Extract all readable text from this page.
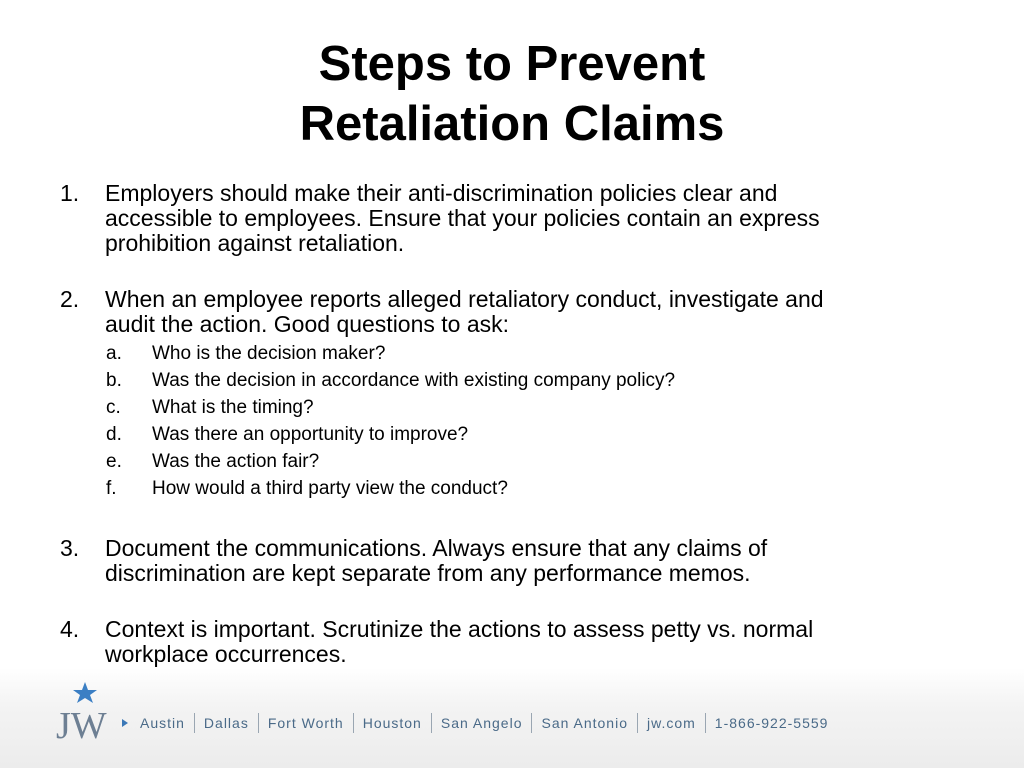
Steps to Prevent
Retaliation Claims
1. Employers should make their anti-discrimination policies clear and
accessible to employees. Ensure that your policies contain an express
prohibition against retaliation.
2. When an employee reports alleged retaliatory conduct, investigate and
audit the action. Good questions to ask:
a. Who is the decision maker?
b. Was the decision in accordance with existing company policy?
c. What is the timing?
d. Was there an opportunity to improve?
e. Was the action fair?
f. How would a third party view the conduct?
3. Document the communications. Always ensure that any claims of
discrimination are kept separate from any performance memos.
4. Context is important. Scrutinize the actions to assess petty vs. normal
workplace occurrences.
JW Austin Dallas Fort Worth Houston San Angelo San Antonio jw.com 1-866-922-5559
